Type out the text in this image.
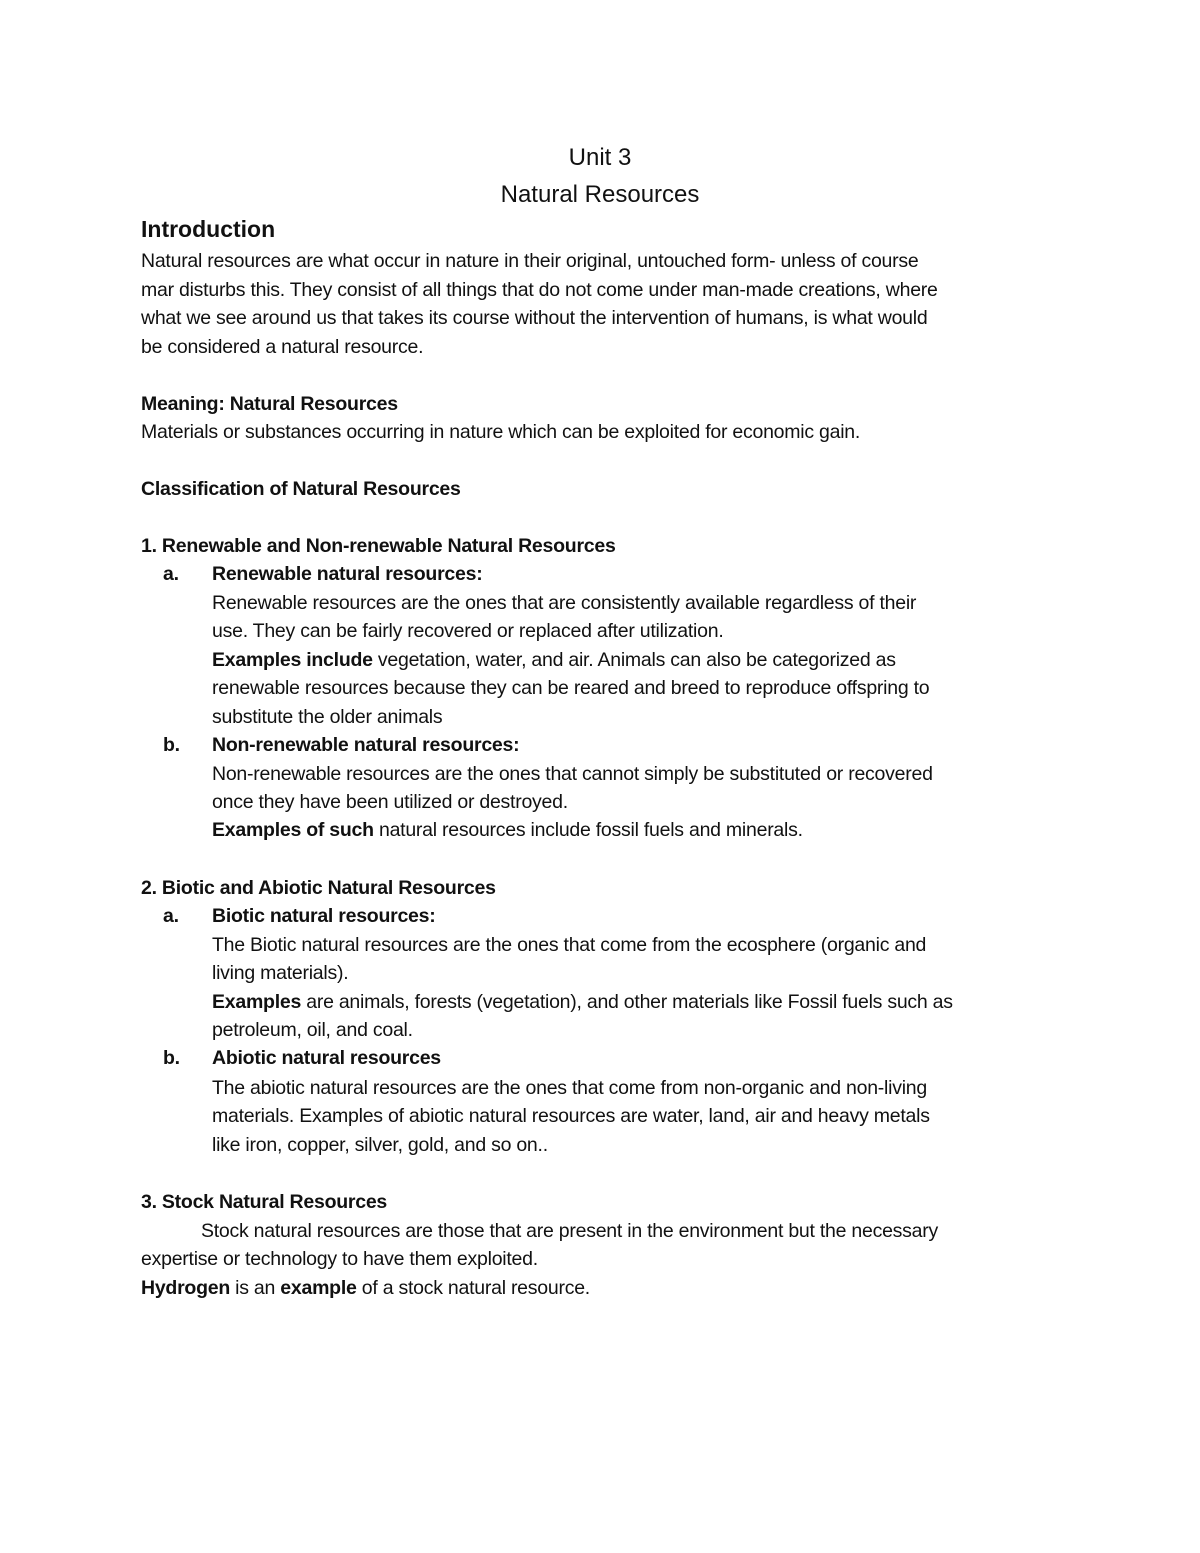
Unit 3
Natural Resources
Introduction
Natural resources are what occur in nature in their original, untouched form- unless of course
mar disturbs this. They consist of all things that do not come under man-made creations, where
what we see around us that takes its course without the intervention of humans, is what would
be considered a natural resource.
Meaning: Natural Resources
Materials or substances occurring in nature which can be exploited for economic gain.
Classification of Natural Resources
1. Renewable and Non-renewable Natural Resources
a. Renewable natural resources:
Renewable resources are the ones that are consistently available regardless of their
use. They can be fairly recovered or replaced after utilization.
Examples include vegetation, water, and air. Animals can also be categorized as
renewable resources because they can be reared and breed to reproduce offspring to
substitute the older animals
b. Non-renewable natural resources:
Non-renewable resources are the ones that cannot simply be substituted or recovered
once they have been utilized or destroyed.
Examples of such natural resources include fossil fuels and minerals.
2. Biotic and Abiotic Natural Resources
a. Biotic natural resources:
The Biotic natural resources are the ones that come from the ecosphere (organic and
living materials).
Examples are animals, forests (vegetation), and other materials like Fossil fuels such as
petroleum, oil, and coal.
b. Abiotic natural resources
The abiotic natural resources are the ones that come from non-organic and non-living
materials. Examples of abiotic natural resources are water, land, air and heavy metals
like iron, copper, silver, gold, and so on..
3. Stock Natural Resources
Stock natural resources are those that are present in the environment but the necessary
expertise or technology to have them exploited.
Hydrogen is an example of a stock natural resource.
